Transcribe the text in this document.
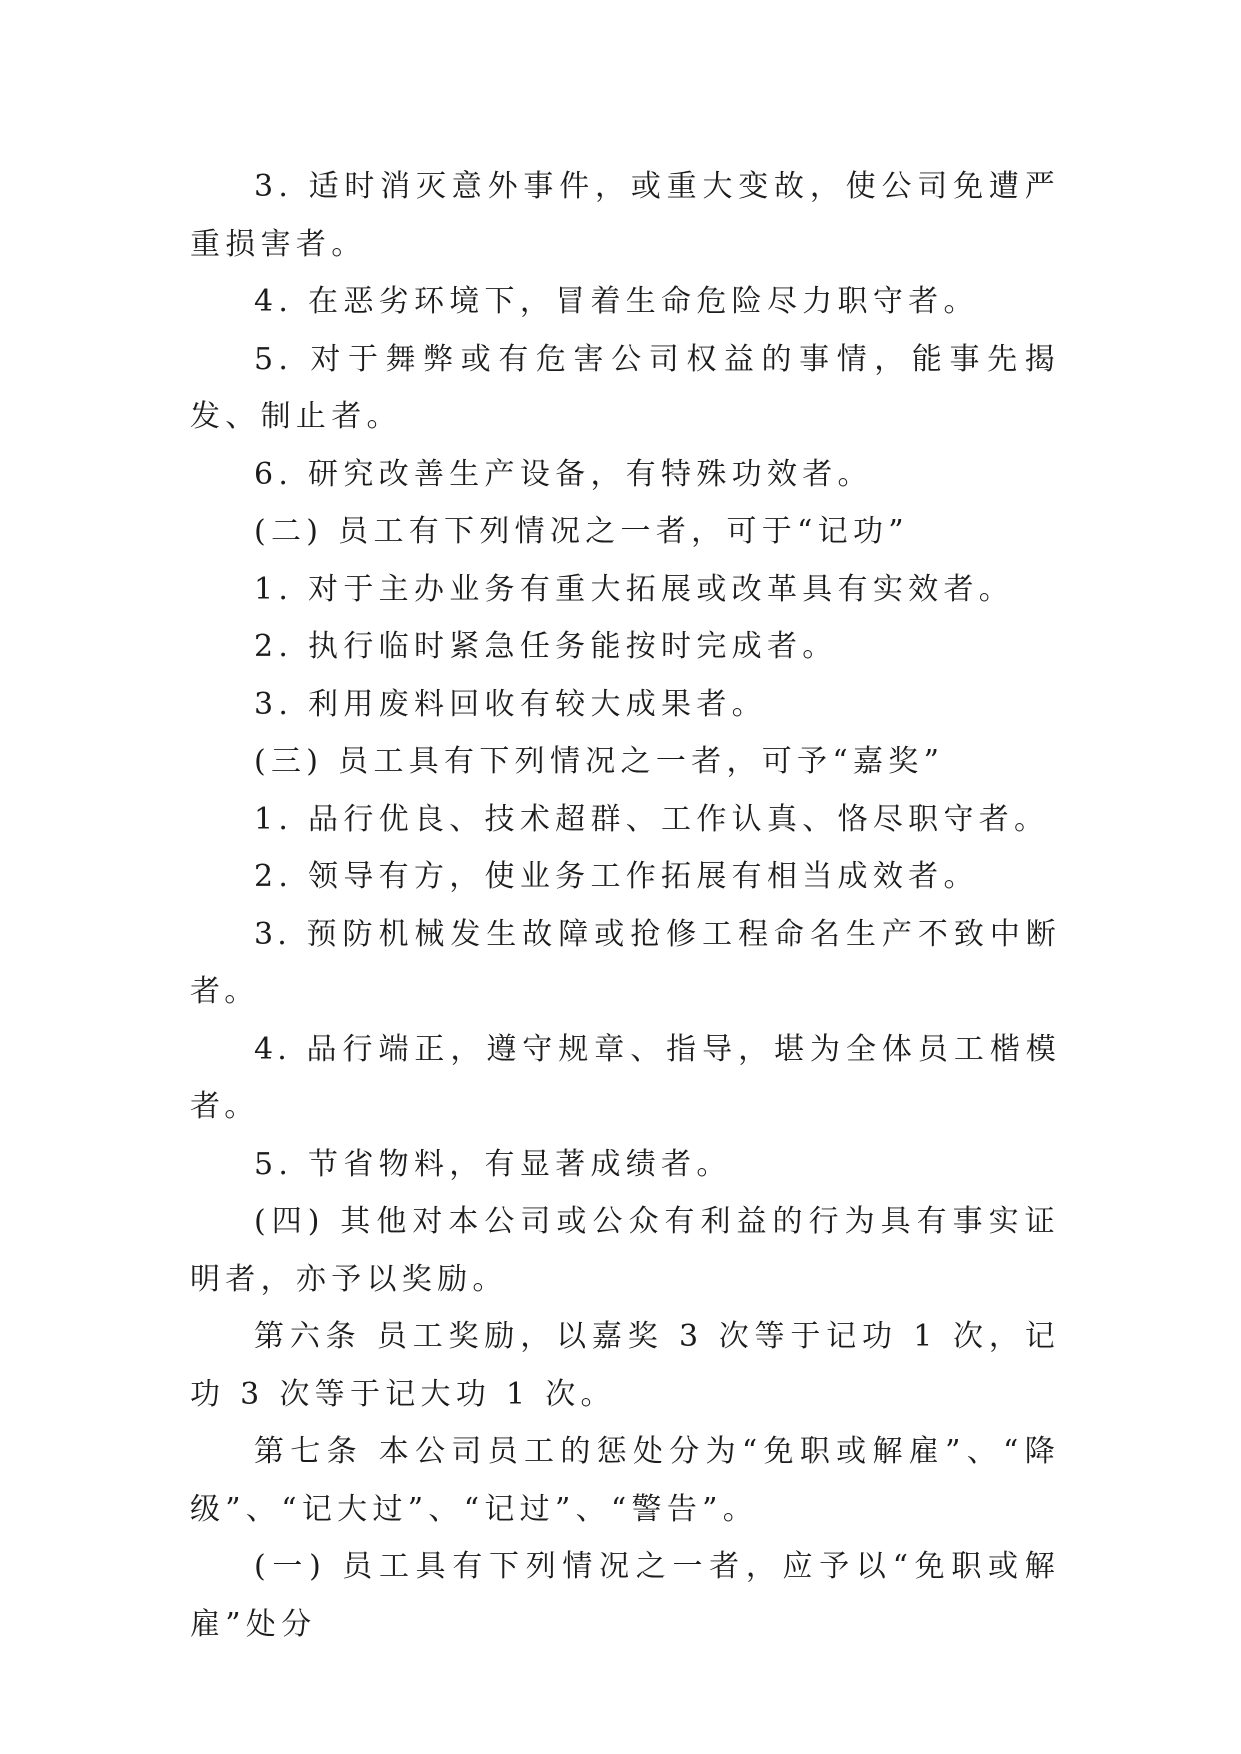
3. 适时消灭意外事件，或重大变故，使公司免遭严重损害者。

4. 在恶劣环境下，冒着生命危险尽力职守者。

5. 对于舞弊或有危害公司权益的事情，能事先揭发、制止者。

6. 研究改善生产设备，有特殊功效者。

(二) 员工有下列情况之一者，可于“记功”

1. 对于主办业务有重大拓展或改革具有实效者。

2. 执行临时紧急任务能按时完成者。

3. 利用废料回收有较大成果者。

(三) 员工具有下列情况之一者，可予“嘉奖”

1. 品行优良、技术超群、工作认真、恪尽职守者。

2. 领导有方，使业务工作拓展有相当成效者。

3. 预防机械发生故障或抢修工程命名生产不致中断者。

4. 品行端正，遵守规章、指导，堪为全体员工楷模者。

5. 节省物料，有显著成绩者。

(四) 其他对本公司或公众有利益的行为具有事实证明者，亦予以奖励。

第六条 员工奖励，以嘉奖 3 次等于记功 1 次，记功 3 次等于记大功 1 次。

第七条 本公司员工的惩处分为“免职或解雇”、“降级”、“记大过”、“记过”、“警告”。

(一) 员工具有下列情况之一者，应予以“免职或解雇”处分
